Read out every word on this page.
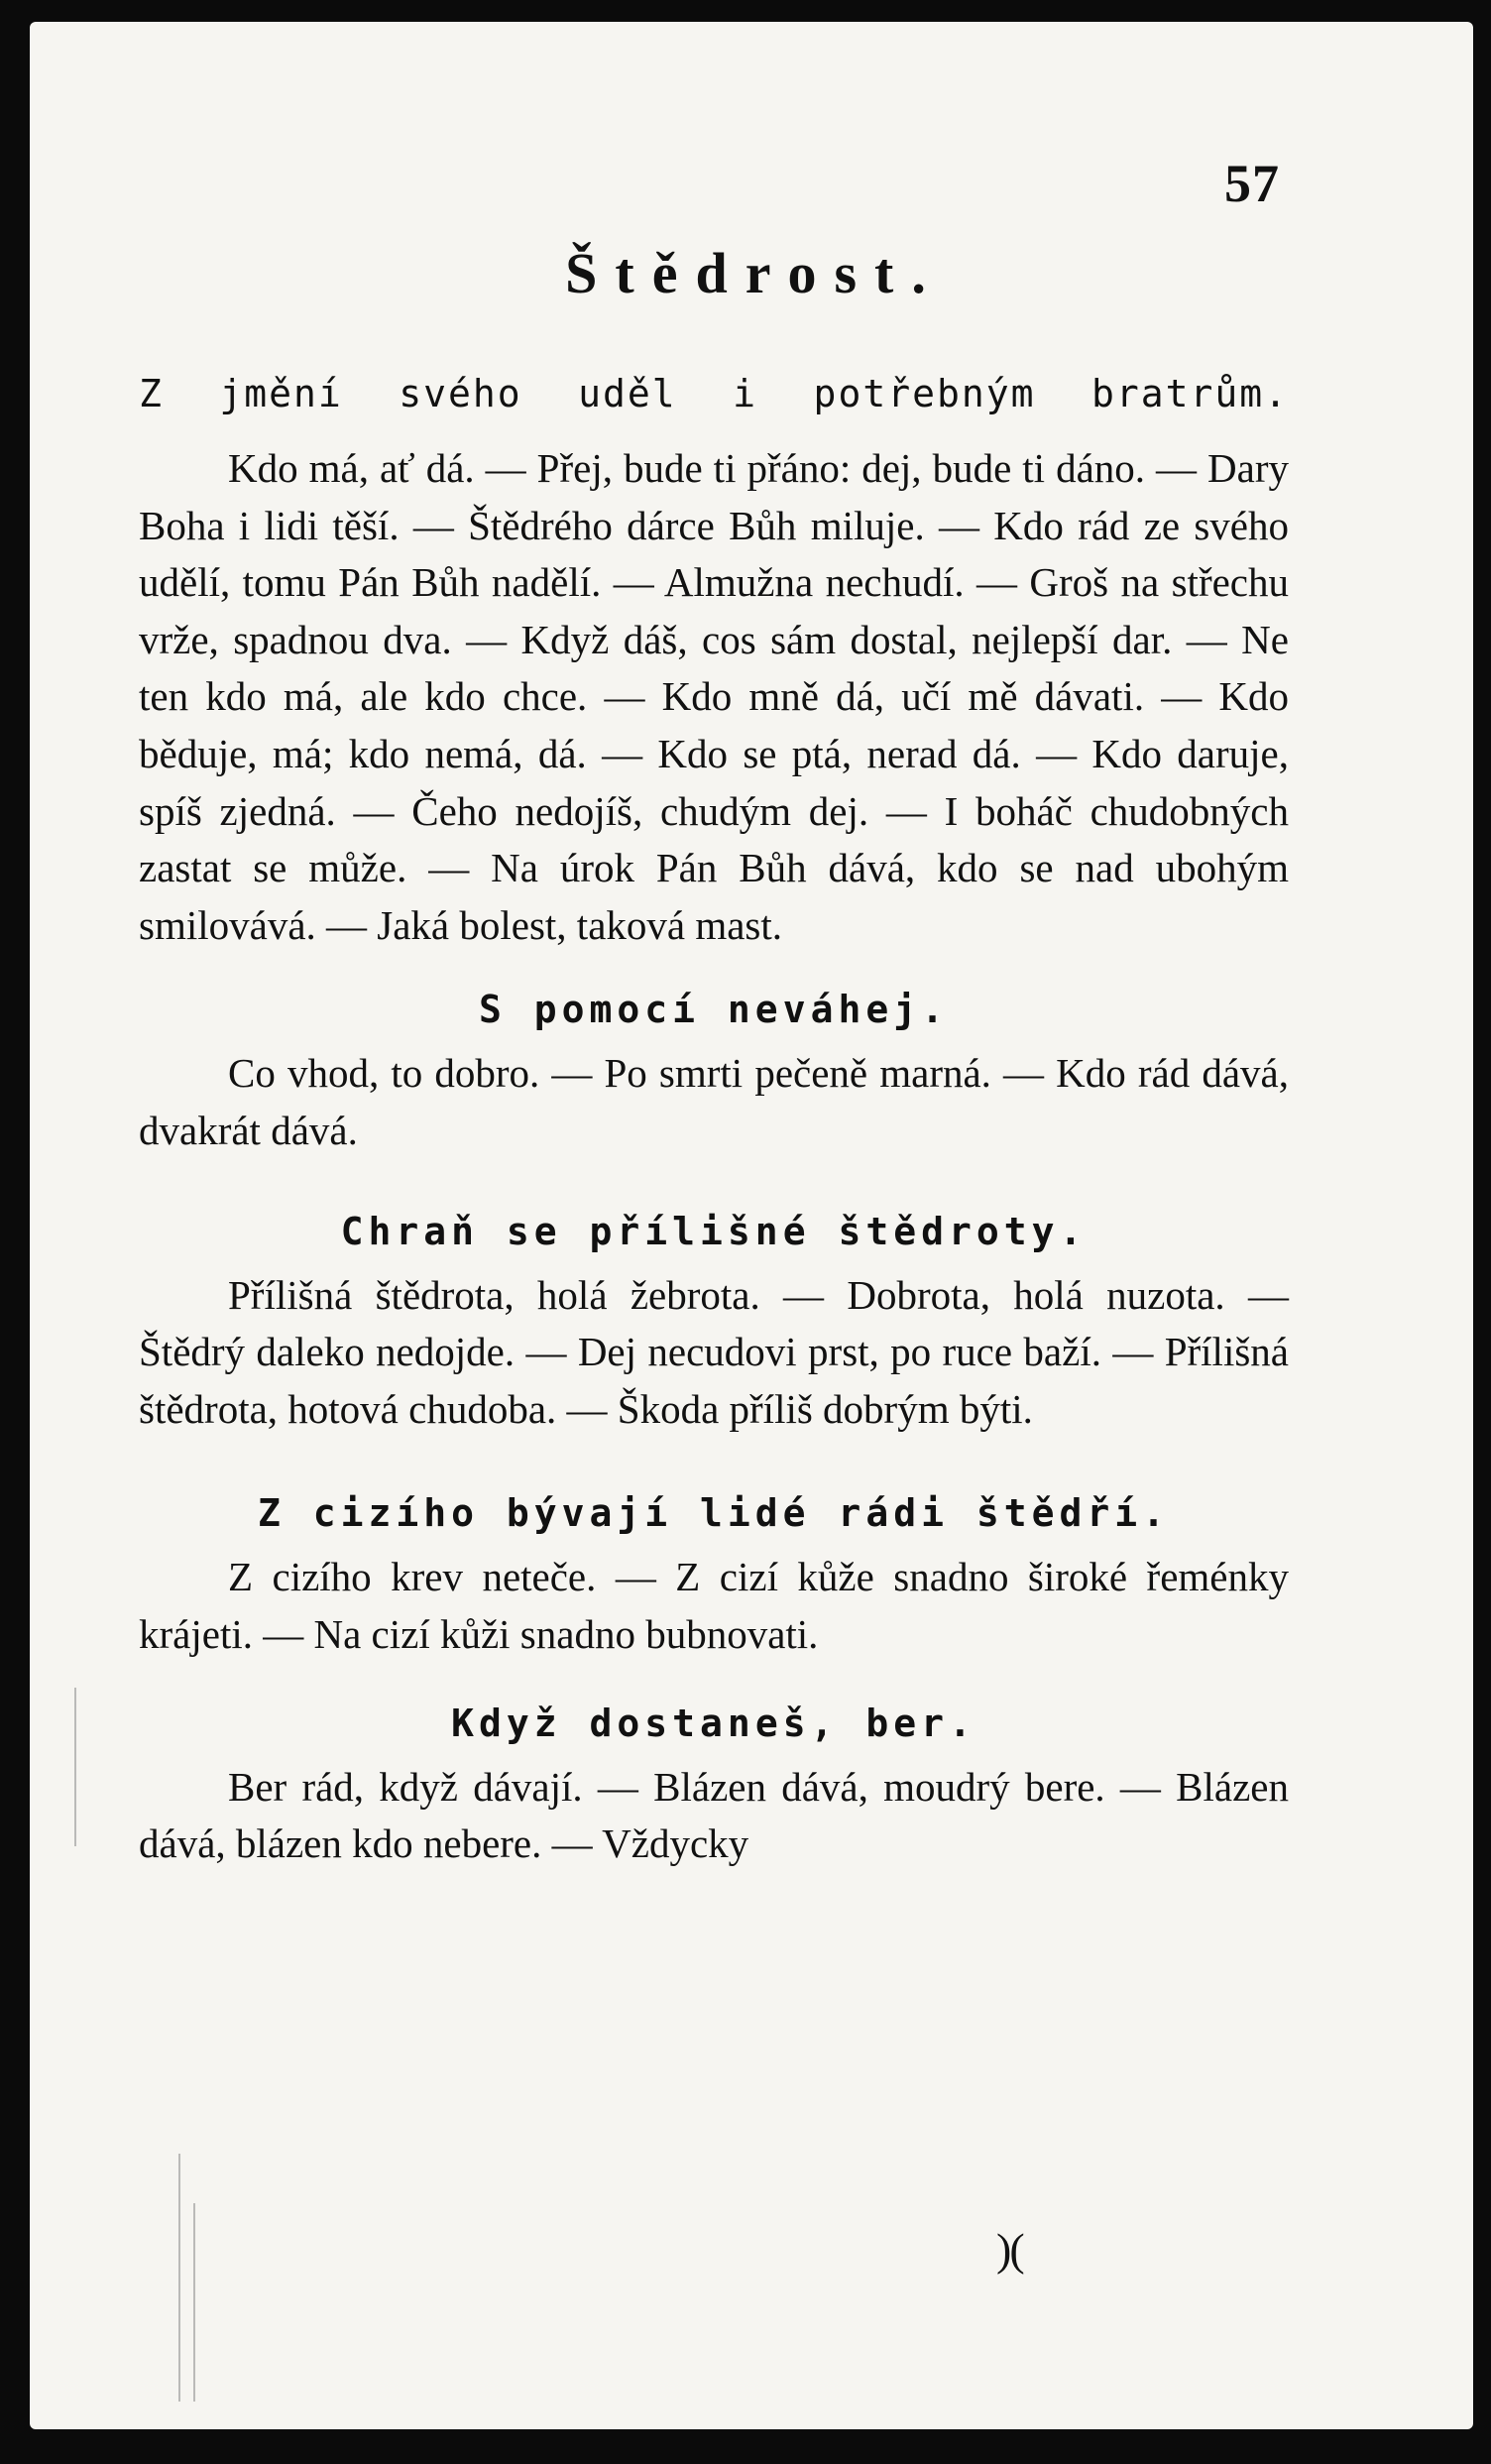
57
Štědrost.

Z jmění svého uděl i potřebným bratrům.

Kdo má, ať dá. — Přej, bude ti přáno: dej, bude ti dáno. — Dary Boha i lidi těší. — Štědrého dárce Bůh miluje. — Kdo rád ze svého udělí, tomu Pán Bůh nadělí. — Almužna nechudí. — Groš na střechu vrže, spadnou dva. — Když dáš, cos sám dostal, nejlepší dar. — Ne ten kdo má, ale kdo chce. — Kdo mně dá, učí mě dávati. — Kdo běduje, má; kdo nemá, dá. — Kdo se ptá, nerad dá. — Kdo daruje, spíš zjedná. — Čeho nedojíš, chudým dej. — I boháč chudobných zastat se může. — Na úrok Pán Bůh dává, kdo se nad ubohým smilovává. — Jaká bolest, taková mast.

S pomocí neváhej.

Co vhod, to dobro. — Po smrti pečeně marná. — Kdo rád dává, dvakrát dává.

Chraň se přílišné štědroty.

Přílišná štědrota, holá žebrota. — Dobrota, holá nuzota. — Štědrý daleko nedojde. — Dej necudovi prst, po ruce baží. — Přílišná štědrota, hotová chudoba. — Škoda příliš dobrým býti.

Z cizího bývají lidé rádi štědří.

Z cizího krev neteče. — Z cizí kůže snadno široké řeménky krájeti. — Na cizí kůži snadno bubnovati.

Když dostaneš, ber.

Ber rád, když dávají. — Blázen dává, moudrý bere. — Blázen dává, blázen kdo nebere. — Vždycky

)(
